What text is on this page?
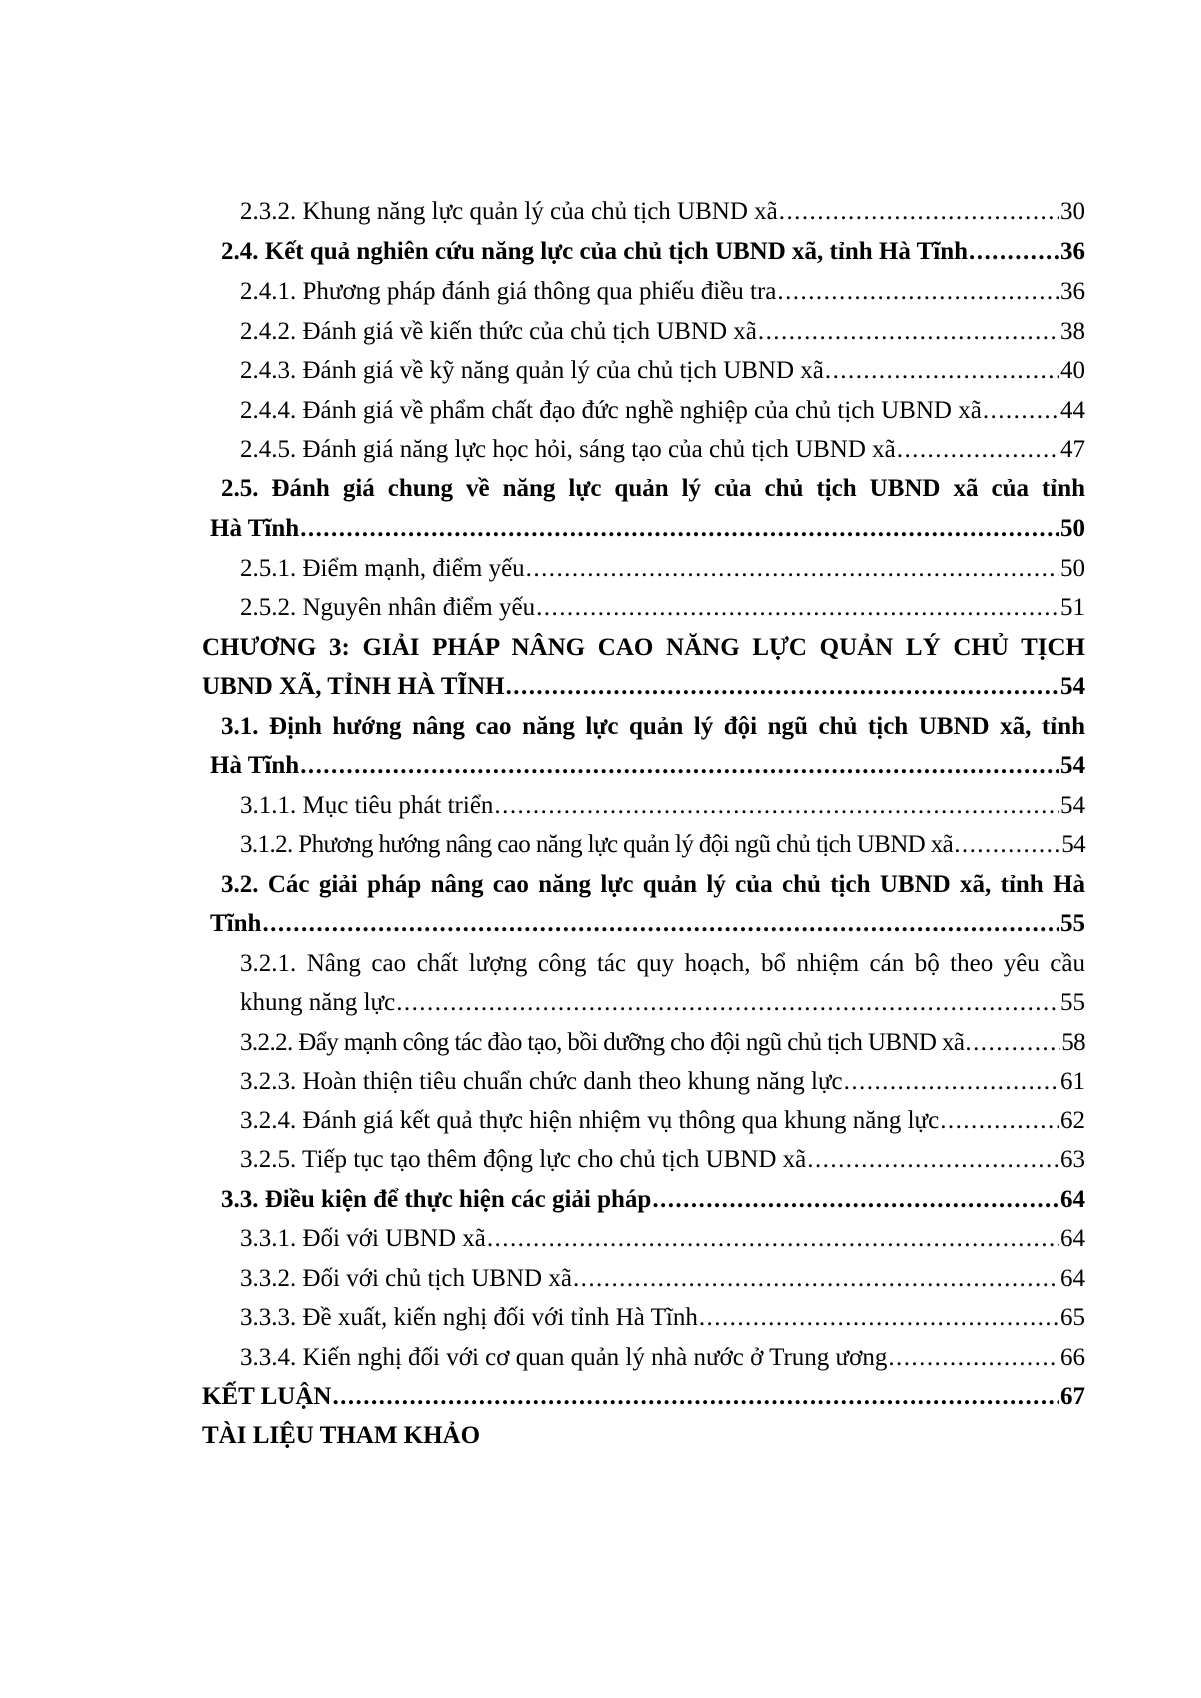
2.3.2. Khung năng lực quản lý của chủ tịch UBND xã . . .	30
2.4. Kết quả nghiên cứu năng lực của chủ tịch UBND xã, tỉnh Hà Tĩnh . . .	36
2.4.1. Phương pháp đánh giá thông qua phiếu điều tra . . .	36
2.4.2. Đánh giá về kiến thức của chủ tịch UBND xã . . .	38
2.4.3. Đánh giá về kỹ năng quản lý của chủ tịch UBND xã . . .	40
2.4.4. Đánh giá về phẩm chất đạo đức nghề nghiệp của chủ tịch UBND xã . . .	44
2.4.5. Đánh giá năng lực học hỏi, sáng tạo của chủ tịch UBND xã . . .	47
2.5. Đánh giá chung về năng lực quản lý của chủ tịch UBND xã của tỉnh
Hà Tĩnh . . .	50
2.5.1. Điểm mạnh, điểm yếu . . .	50
2.5.2. Nguyên nhân điểm yếu . . .	51
CHƯƠNG 3: GIẢI PHÁP NÂNG CAO NĂNG LỰC QUẢN LÝ CHỦ TỊCH
UBND XÃ, TỈNH HÀ TĨNH . . .	54
3.1. Định hướng nâng cao năng lực quản lý đội ngũ chủ tịch UBND xã, tỉnh
Hà Tĩnh . . .	54
3.1.1. Mục tiêu phát triển . . .	54
3.1.2. Phương hướng nâng cao năng lực quản lý đội ngũ chủ tịch UBND xã . . .	54
3.2. Các giải pháp nâng cao năng lực quản lý của chủ tịch UBND xã, tỉnh Hà
Tĩnh . . .	55
3.2.1. Nâng cao chất lượng công tác quy hoạch, bổ nhiệm cán bộ theo yêu cầu
khung năng lực . . .	55
3.2.2. Đẩy mạnh công tác đào tạo, bồi dưỡng cho đội ngũ chủ tịch UBND xã . . .	58
3.2.3. Hoàn thiện tiêu chuẩn chức danh theo khung năng lực . . .	61
3.2.4. Đánh giá kết quả thực hiện nhiệm vụ thông qua khung năng lực . . .	62
3.2.5. Tiếp tục tạo thêm động lực cho chủ tịch UBND xã . . .	63
3.3. Điều kiện để thực hiện các giải pháp . . .	64
3.3.1. Đối với UBND xã . . .	64
3.3.2. Đối với chủ tịch UBND xã . . .	64
3.3.3. Đề xuất, kiến nghị đối với tỉnh Hà Tĩnh . . .	65
3.3.4. Kiến nghị đối với cơ quan quản lý nhà nước ở Trung ương . . .	66
KẾT LUẬN . . .	67
TÀI LIỆU THAM KHẢO
